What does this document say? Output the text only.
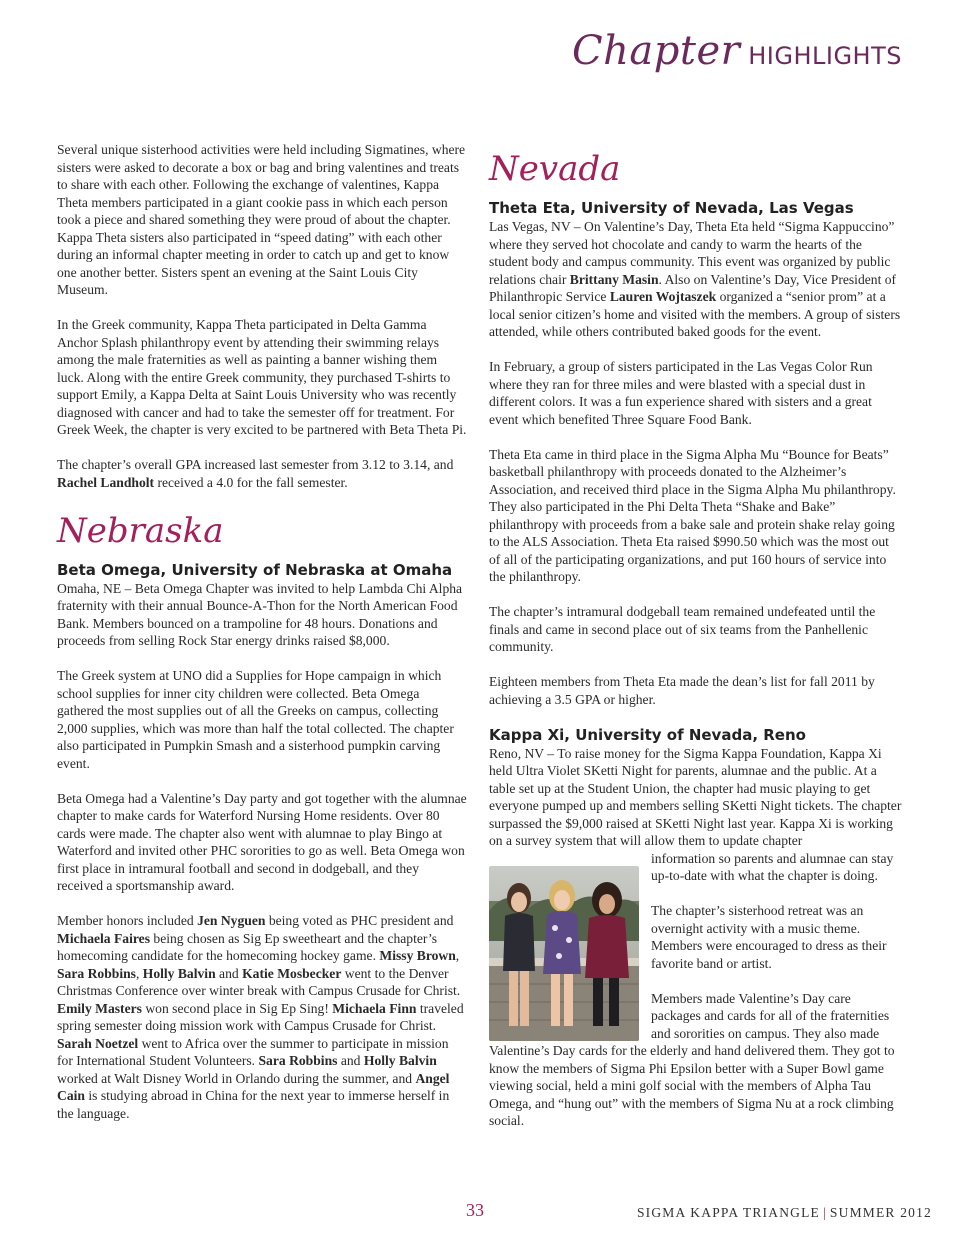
Chapter HIGHLIGHTS

Several unique sisterhood activities were held including Sigmatines, where sisters were asked to decorate a box or bag and bring valentines and treats to share with each other. Following the exchange of valentines, Kappa Theta members participated in a giant cookie pass in which each person took a piece and shared something they were proud of about the chapter. Kappa Theta sisters also participated in “speed dating” with each other during an informal chapter meeting in order to catch up and get to know one another better. Sisters spent an evening at the Saint Louis City Museum.

In the Greek community, Kappa Theta participated in Delta Gamma Anchor Splash philanthropy event by attending their swimming relays among the male fraternities as well as painting a banner wishing them luck. Along with the entire Greek community, they purchased T-shirts to support Emily, a Kappa Delta at Saint Louis University who was recently diagnosed with cancer and had to take the semester off for treatment. For Greek Week, the chapter is very excited to be partnered with Beta Theta Pi.

The chapter’s overall GPA increased last semester from 3.12 to 3.14, and Rachel Landholt received a 4.0 for the fall semester.

Nebraska
Beta Omega, University of Nebraska at Omaha

Omaha, NE – Beta Omega Chapter was invited to help Lambda Chi Alpha fraternity with their annual Bounce-A-Thon for the North American Food Bank. Members bounced on a trampoline for 48 hours. Donations and proceeds from selling Rock Star energy drinks raised $8,000.

The Greek system at UNO did a Supplies for Hope campaign in which school supplies for inner city children were collected. Beta Omega gathered the most supplies out of all the Greeks on campus, collecting 2,000 supplies, which was more than half the total collected. The chapter also participated in Pumpkin Smash and a sisterhood pumpkin carving event.

Beta Omega had a Valentine’s Day party and got together with the alumnae chapter to make cards for Waterford Nursing Home residents. Over 80 cards were made. The chapter also went with alumnae to play Bingo at Waterford and invited other PHC sororities to go as well. Beta Omega won first place in intramural football and second in dodgeball, and they received a sportsmanship award.

Member honors included Jen Nyguen being voted as PHC president and Michaela Faires being chosen as Sig Ep sweetheart and the chapter’s homecoming candidate for the homecoming hockey game. Missy Brown, Sara Robbins, Holly Balvin and Katie Mosbecker went to the Denver Christmas Conference over winter break with Campus Crusade for Christ. Emily Masters won second place in Sig Ep Sing! Michaela Finn traveled spring semester doing mission work with Campus Crusade for Christ. Sarah Noetzel went to Africa over the summer to participate in mission for International Student Volunteers. Sara Robbins and Holly Balvin worked at Walt Disney World in Orlando during the summer, and Angel Cain is studying abroad in China for the next year to immerse herself in the language.

Nevada
Theta Eta, University of Nevada, Las Vegas

Las Vegas, NV – On Valentine’s Day, Theta Eta held “Sigma Kappuccino” where they served hot chocolate and candy to warm the hearts of the student body and campus community. This event was organized by public relations chair Brittany Masin. Also on Valentine’s Day, Vice President of Philanthropic Service Lauren Wojtaszek organized a “senior prom” at a local senior citizen’s home and visited with the members. A group of sisters attended, while others contributed baked goods for the event.

In February, a group of sisters participated in the Las Vegas Color Run where they ran for three miles and were blasted with a special dust in different colors. It was a fun experience shared with sisters and a great event which benefited Three Square Food Bank.

Theta Eta came in third place in the Sigma Alpha Mu “Bounce for Beats” basketball philanthropy with proceeds donated to the Alzheimer’s Association, and received third place in the Sigma Alpha Mu philanthropy. They also participated in the Phi Delta Theta “Shake and Bake” philanthropy with proceeds from a bake sale and protein shake relay going to the ALS Association. Theta Eta raised $990.50 which was the most out of all of the participating organizations, and put 160 hours of service into the philanthropy.

The chapter’s intramural dodgeball team remained undefeated until the finals and came in second place out of six teams from the Panhellenic community.

Eighteen members from Theta Eta made the dean’s list for fall 2011 by achieving a 3.5 GPA or higher.

Kappa Xi, University of Nevada, Reno

Reno, NV – To raise money for the Sigma Kappa Foundation, Kappa Xi held Ultra Violet SKetti Night for parents, alumnae and the public. At a table set up at the Student Union, the chapter had music playing to get everyone pumped up and members selling SKetti Night tickets. The chapter surpassed the $9,000 raised at SKetti Night last year. Kappa Xi is working on a survey system that will allow them to update chapter

information so parents and alumnae can stay up-to-date with what the chapter is doing.

The chapter’s sisterhood retreat was an overnight activity with a music theme. Members were encouraged to dress as their favorite band or artist.

Members made Valentine’s Day care packages and cards for all of the fraternities and sororities on campus. They also made

Valentine’s Day cards for the elderly and hand delivered them. They got to know the members of Sigma Phi Epsilon better with a Super Bowl game viewing social, held a mini golf social with the members of Alpha Tau Omega, and “hung out” with the members of Sigma Nu at a rock climbing social.

33	SIGMA KAPPA TRIANGLE | SUMMER 2012
